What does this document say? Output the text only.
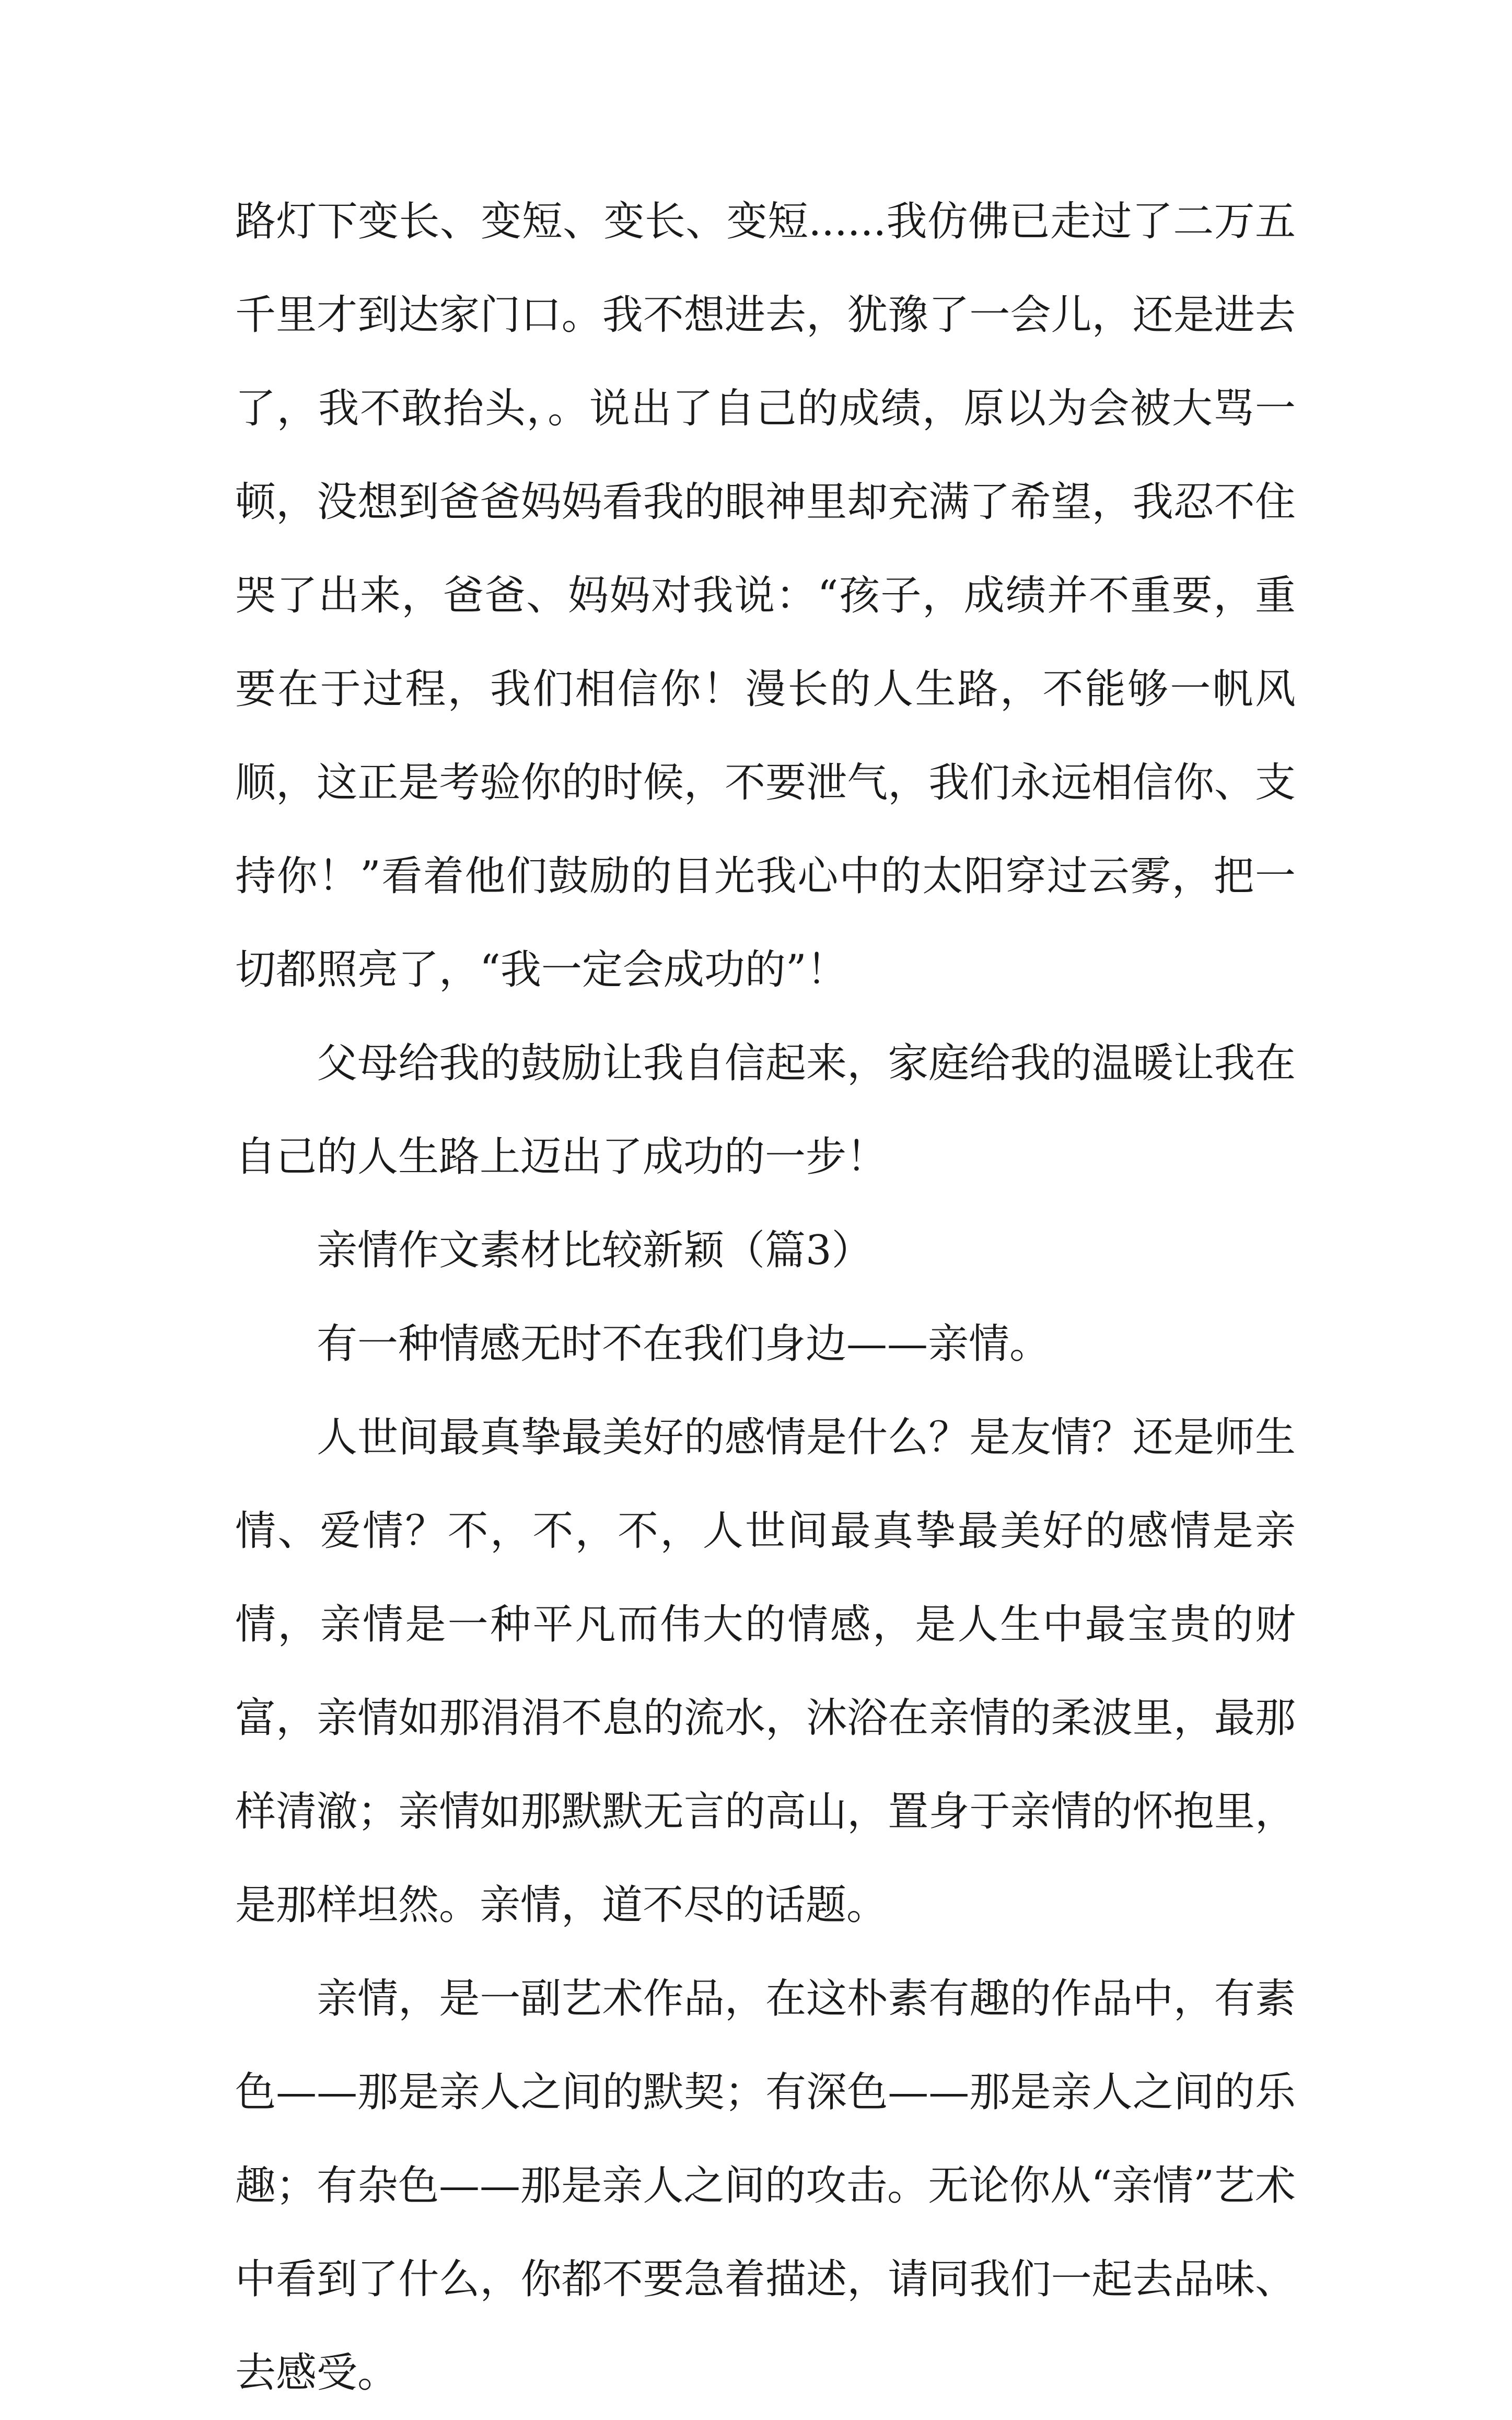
路灯下变长、变短、变长、变短......我仿佛已走过了二万五千里才到达家门口。我不想进去，犹豫了一会儿，还是进去了，我不敢抬头，。说出了自己的成绩，原以为会被大骂一顿，没想到爸爸妈妈看我的眼神里却充满了希望，我忍不住哭了出来，爸爸、妈妈对我说：“孩子，成绩并不重要，重要在于过程，我们相信你！漫长的人生路，不能够一帆风顺，这正是考验你的时候，不要泄气，我们永远相信你、支持你！”看着他们鼓励的目光我心中的太阳穿过云雾，把一切都照亮了，“我一定会成功的”！

父母给我的鼓励让我自信起来，家庭给我的温暖让我在自己的人生路上迈出了成功的一步！

亲情作文素材比较新颖（篇3）

有一种情感无时不在我们身边——亲情。

人世间最真挚最美好的感情是什么？是友情？还是师生情、爱情？不，不，不，人世间最真挚最美好的感情是亲情，亲情是一种平凡而伟大的情感，是人生中最宝贵的财富，亲情如那涓涓不息的流水，沐浴在亲情的柔波里，最那样清澈；亲情如那默默无言的高山，置身于亲情的怀抱里，是那样坦然。亲情，道不尽的话题。

亲情，是一副艺术作品，在这朴素有趣的作品中，有素色——那是亲人之间的默契；有深色——那是亲人之间的乐趣；有杂色——那是亲人之间的攻击。无论你从“亲情”艺术中看到了什么，你都不要急着描述，请同我们一起去品味、去感受。
